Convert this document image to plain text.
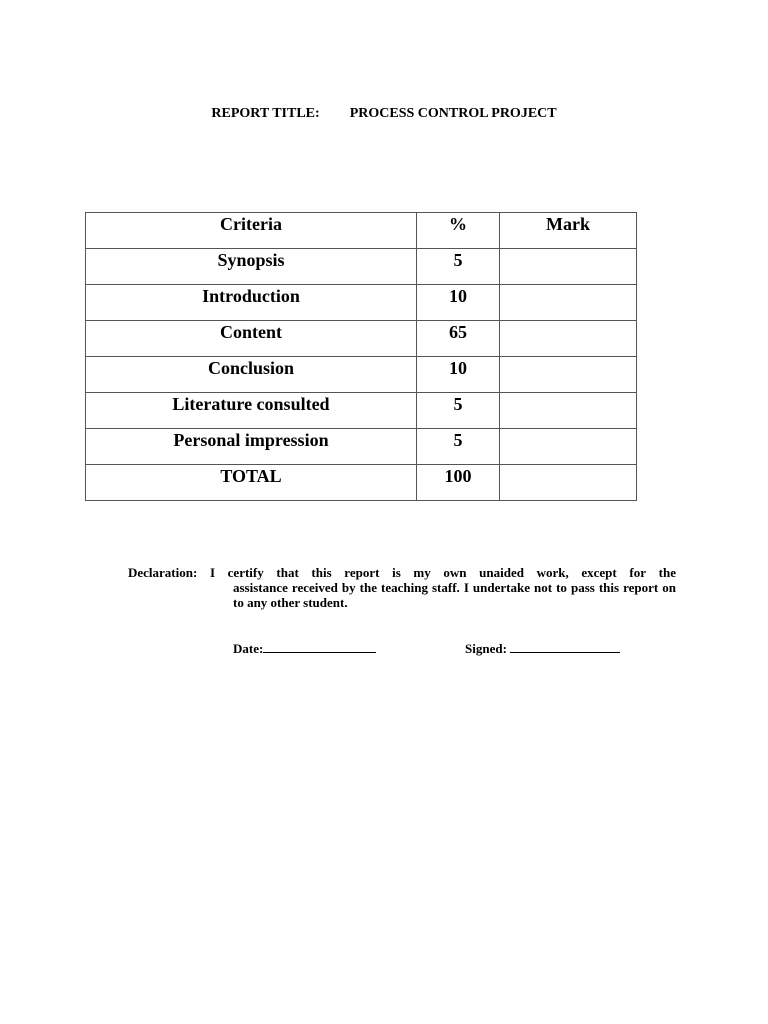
REPORT TITLE: PROCESS CONTROL PROJECT
Criteria	%	Mark
Synopsis	5	
Introduction	10	
Content	65	
Conclusion	10	
Literature consulted	5	
Personal impression	5	
TOTAL	100	
Declaration: I certify that this report is my own unaided work, except for the
assistance received by the teaching staff. I undertake not to pass this report on to any other student.
Date:	Signed:
